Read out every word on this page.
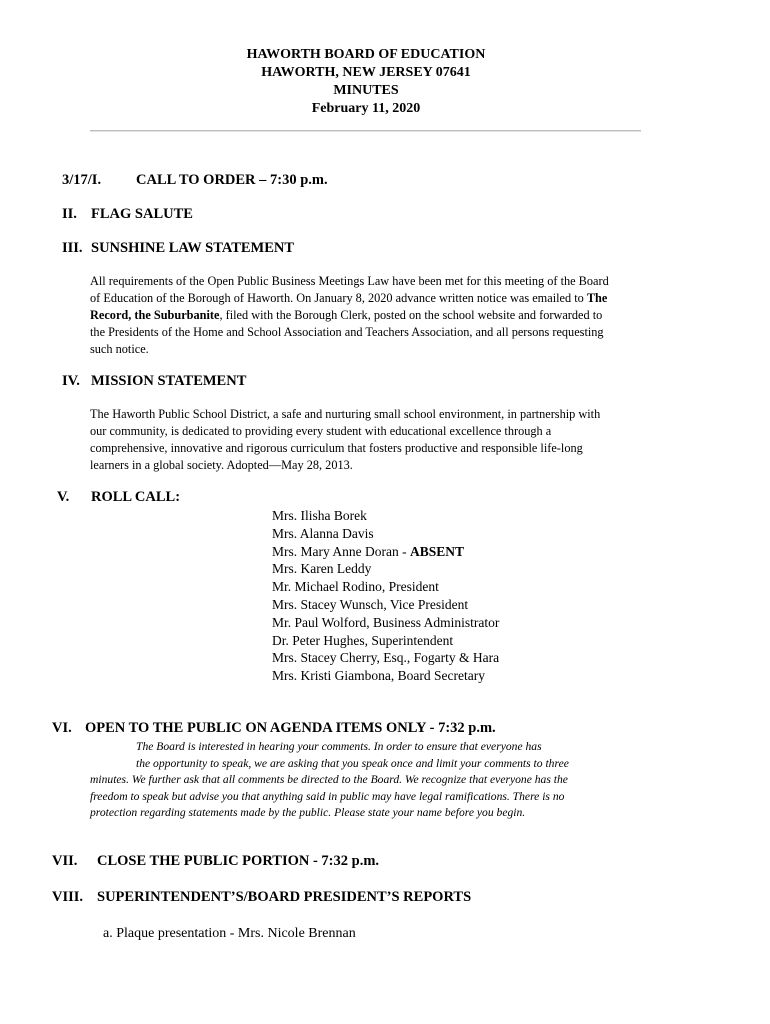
HAWORTH BOARD OF EDUCATION
HAWORTH, NEW JERSEY 07641
MINUTES
February 11, 2020
3/17/I. CALL TO ORDER – 7:30 p.m.
II. FLAG SALUTE
III. SUNSHINE LAW STATEMENT
All requirements of the Open Public Business Meetings Law have been met for this meeting of the Board
of Education of the Borough of Haworth. On January 8, 2020 advance written notice was emailed to The
Record, the Suburbanite, filed with the Borough Clerk, posted on the school website and forwarded to
the Presidents of the Home and School Association and Teachers Association, and all persons requesting
such notice.
IV. MISSION STATEMENT
The Haworth Public School District, a safe and nurturing small school environment, in partnership with
our community, is dedicated to providing every student with educational excellence through a
comprehensive, innovative and rigorous curriculum that fosters productive and responsible life-long
learners in a global society. Adopted—May 28, 2013.
V. ROLL CALL:
Mrs. Ilisha Borek
Mrs. Alanna Davis
Mrs. Mary Anne Doran - ABSENT
Mrs. Karen Leddy
Mr. Michael Rodino, President
Mrs. Stacey Wunsch, Vice President
Mr. Paul Wolford, Business Administrator
Dr. Peter Hughes, Superintendent
Mrs. Stacey Cherry, Esq., Fogarty & Hara
Mrs. Kristi Giambona, Board Secretary
VI. OPEN TO THE PUBLIC ON AGENDA ITEMS ONLY - 7:32 p.m.
The Board is interested in hearing your comments. In order to ensure that everyone has
the opportunity to speak, we are asking that you speak once and limit your comments to three
minutes. We further ask that all comments be directed to the Board. We recognize that everyone has the
freedom to speak but advise you that anything said in public may have legal ramifications. There is no
protection regarding statements made by the public. Please state your name before you begin.
VII. CLOSE THE PUBLIC PORTION - 7:32 p.m.
VIII. SUPERINTENDENT’S/BOARD PRESIDENT’S REPORTS
a. Plaque presentation - Mrs. Nicole Brennan
